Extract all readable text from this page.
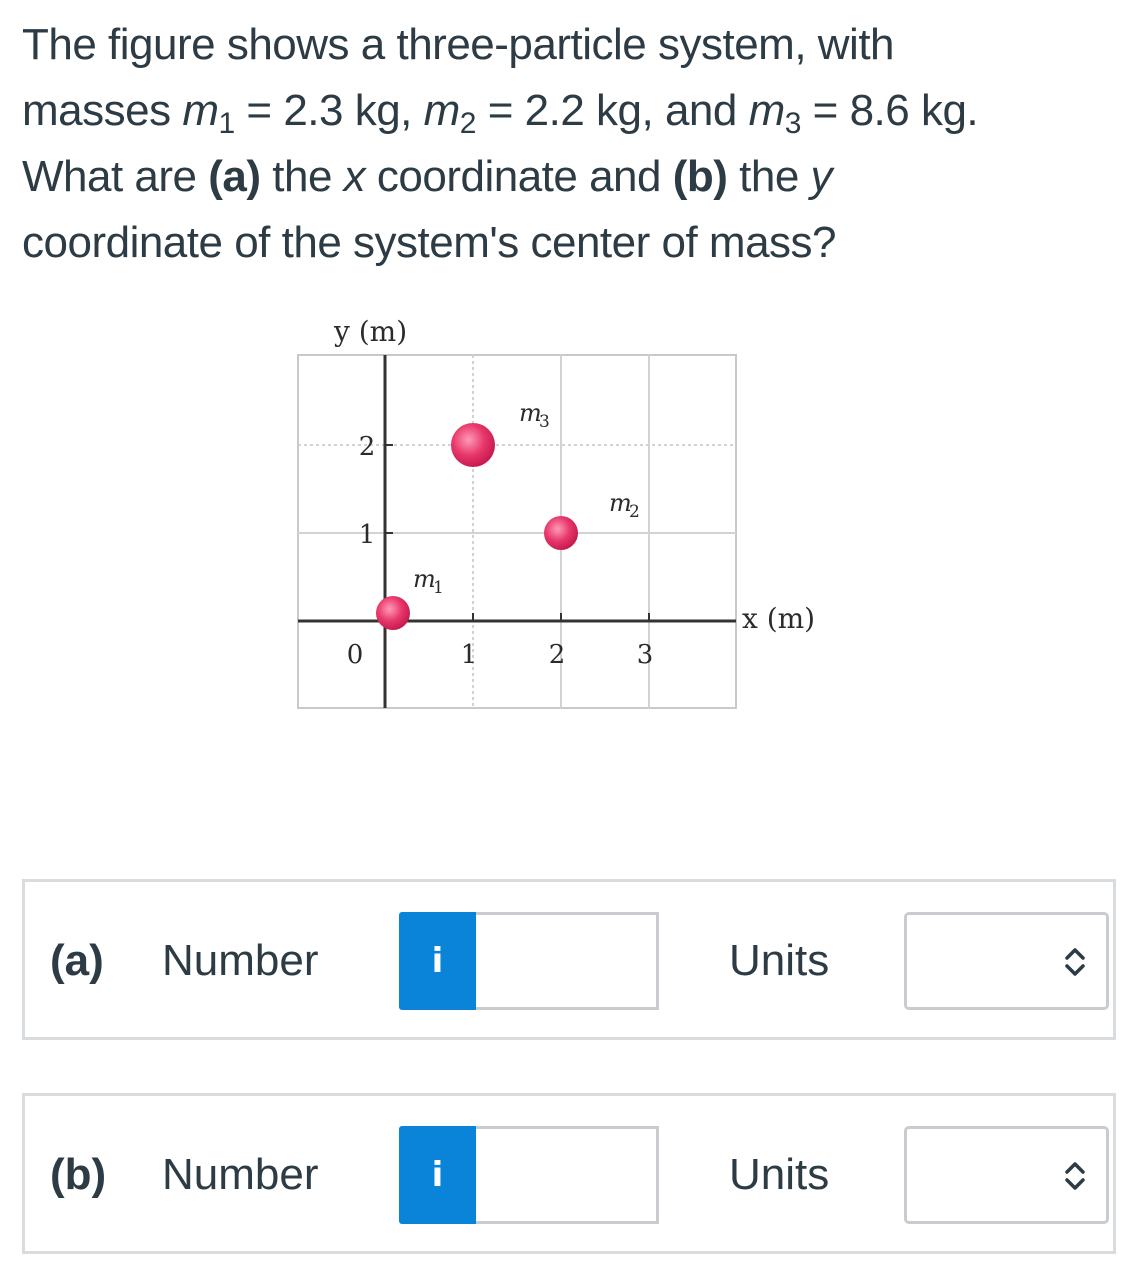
The figure shows a three-particle system, with
masses $m_1 = 2.3$ kg, $m_2 = 2.2$ kg, and $m_3 = 8.6$ kg.
What are (a) the x coordinate and (b) the y
coordinate of the system's center of mass?
0	1	2	3
1
2
m
1
m
2
m
3
y (m)
x (m)
(a) Number	i	Units
(b) Number	i	Units
